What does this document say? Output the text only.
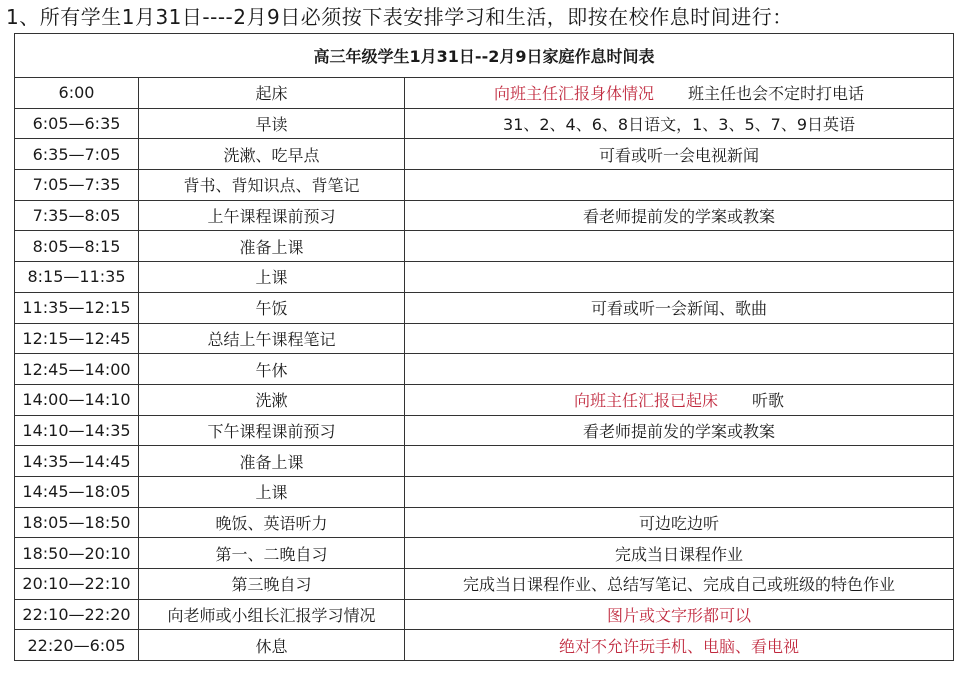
1、所有学生1月31日----2月9日必须按下表安排学习和生活，即按在校作息时间进行：
高三年级学生1月31日--2月9日家庭作息时间表		
6:00	起床	向班主任汇报身体情况 班主任也会不定时打电话
6:05—6:35	早读	31、2、4、6、8日语文，1、3、5、7、9日英语
6:35—7:05	洗漱、吃早点	可看或听一会电视新闻
7:05—7:35	背书、背知识点、背笔记	
7:35—8:05	上午课程课前预习	看老师提前发的学案或教案
8:05—8:15	准备上课	
8:15—11:35	上课	
11:35—12:15	午饭	可看或听一会新闻、歌曲
12:15—12:45	总结上午课程笔记	
12:45—14:00	午休	
14:00—14:10	洗漱	向班主任汇报已起床 听歌
14:10—14:35	下午课程课前预习	看老师提前发的学案或教案
14:35—14:45	准备上课	
14:45—18:05	上课	
18:05—18:50	晚饭、英语听力	可边吃边听
18:50—20:10	第一、二晚自习	完成当日课程作业
20:10—22:10	第三晚自习	完成当日课程作业、总结写笔记、完成自己或班级的特色作业
22:10—22:20	向老师或小组长汇报学习情况	图片或文字形都可以
22:20—6:05	休息	绝对不允许玩手机、电脑、看电视
